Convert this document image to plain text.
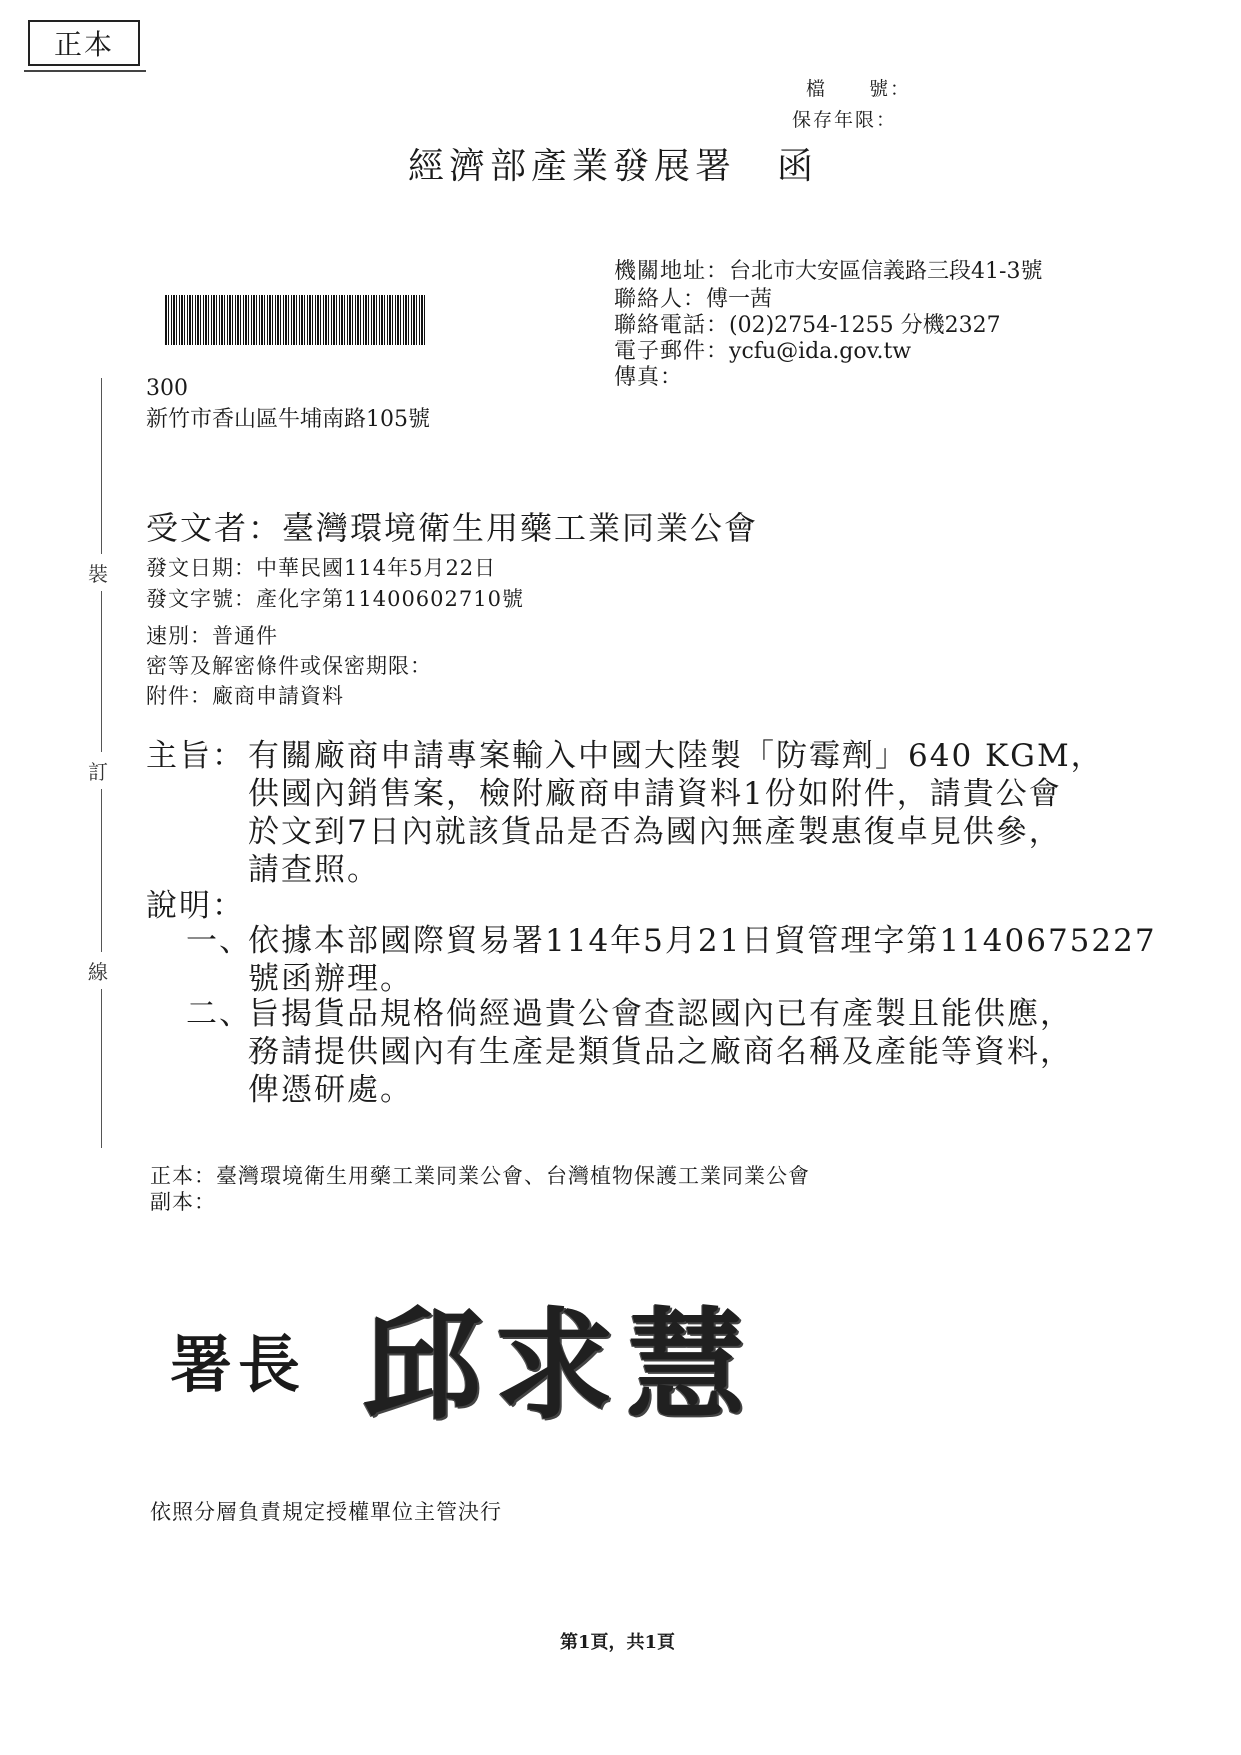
正本
檔　　號：
保存年限：
經濟部產業發展署　函
機關地址：台北市大安區信義路三段41-3號
聯絡人：傅一茜
聯絡電話：(02)2754-1255 分機2327
電子郵件：ycfu@ida.gov.tw
傳真：
300
新竹市香山區牛埔南路105號
裝
訂
線
受文者：臺灣環境衛生用藥工業同業公會
發文日期：中華民國114年5月22日
發文字號：產化字第11400602710號
速別：普通件
密等及解密條件或保密期限：
附件：廠商申請資料
主旨： 有關廠商申請專案輸入中國大陸製「防霉劑」640 KGM，
供國內銷售案，檢附廠商申請資料1份如附件，請貴公會
於文到7日內就該貨品是否為國內無產製惠復卓見供參，
請查照。
說明：
一、
依據本部國際貿易署114年5月21日貿管理字第1140675227
號函辦理。
二、
旨揭貨品規格倘經過貴公會查認國內已有產製且能供應，
務請提供國內有生產是類貨品之廠商名稱及產能等資料，
俾憑研處。
正本：臺灣環境衛生用藥工業同業公會、台灣植物保護工業同業公會
副本：
署長 邱求慧
依照分層負責規定授權單位主管決行
第1頁，共1頁
